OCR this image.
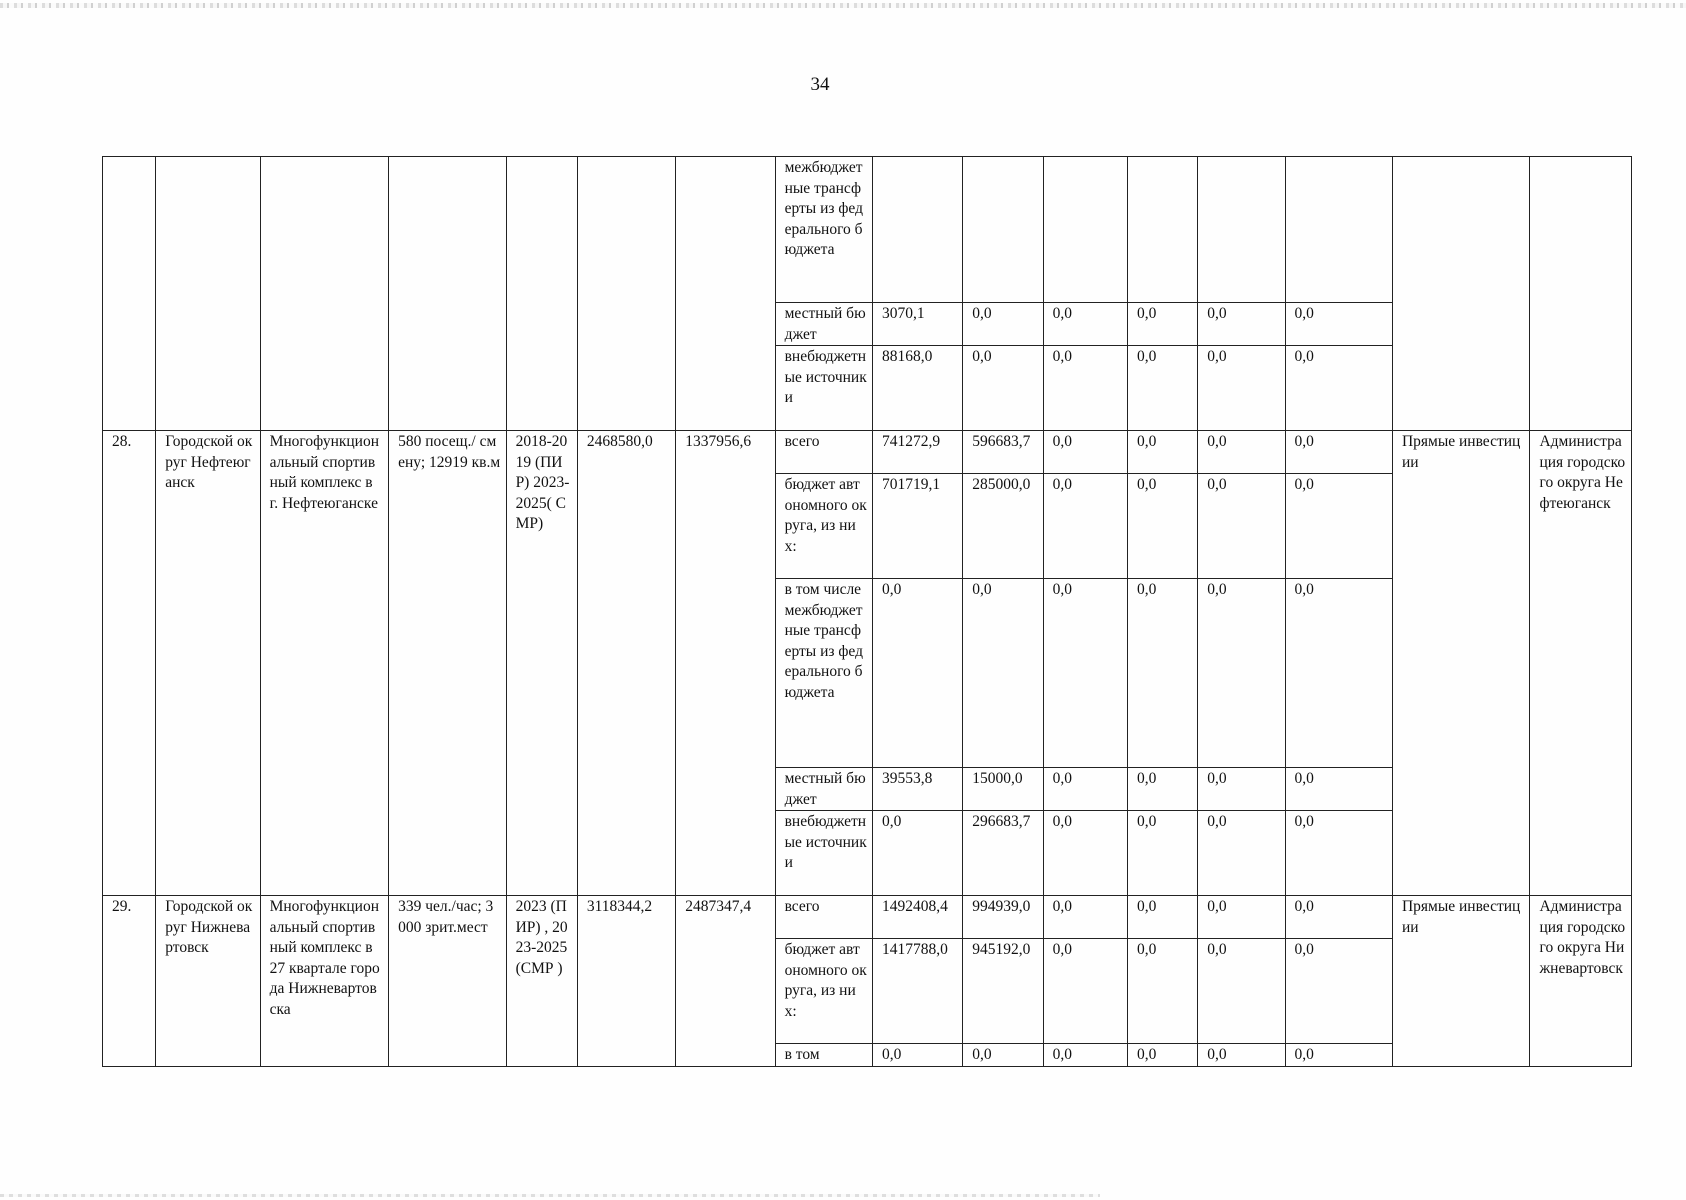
34
							межбюджетные трансферты из федерального бюджета								
							местный бюджет	3070,1	0,0	0,0	0,0	0,0	0,0		
							внебюджетные источники	88168,0	0,0	0,0	0,0	0,0	0,0		
28.	Городской округ Нефтеюганск	Многофункциональный спортивный комплекс в г. Нефтеюганске	580 посещ./ смену; 12919 кв.м	2018-2019 (ПИР) 2023-2025( СМР)	2468580,0	1337956,6	всего	741272,9	596683,7	0,0	0,0	0,0	0,0	Прямые инвестиции	Администрация городского округа Нефтеюганск
							бюджет автономного округа, из них:	701719,1	285000,0	0,0	0,0	0,0	0,0		
							в том числе межбюджетные трансферты из федерального бюджета	0,0	0,0	0,0	0,0	0,0	0,0		
							местный бюджет	39553,8	15000,0	0,0	0,0	0,0	0,0		
							внебюджетные источники	0,0	296683,7	0,0	0,0	0,0	0,0		
29.	Городской округ Нижневартовск	Многофункциональный спортивный комплекс в 27 квартале города Нижневартовска	339 чел./час; 3000 зрит.мест	2023 (ПИР) , 2023-2025 (СМР )	3118344,2	2487347,4	всего	1492408,4	994939,0	0,0	0,0	0,0	0,0	Прямые инвестиции	Администрация городского округа Нижневартовск
							бюджет автономного округа, из них:	1417788,0	945192,0	0,0	0,0	0,0	0,0		
							в том	0,0	0,0	0,0	0,0	0,0	0,0		
